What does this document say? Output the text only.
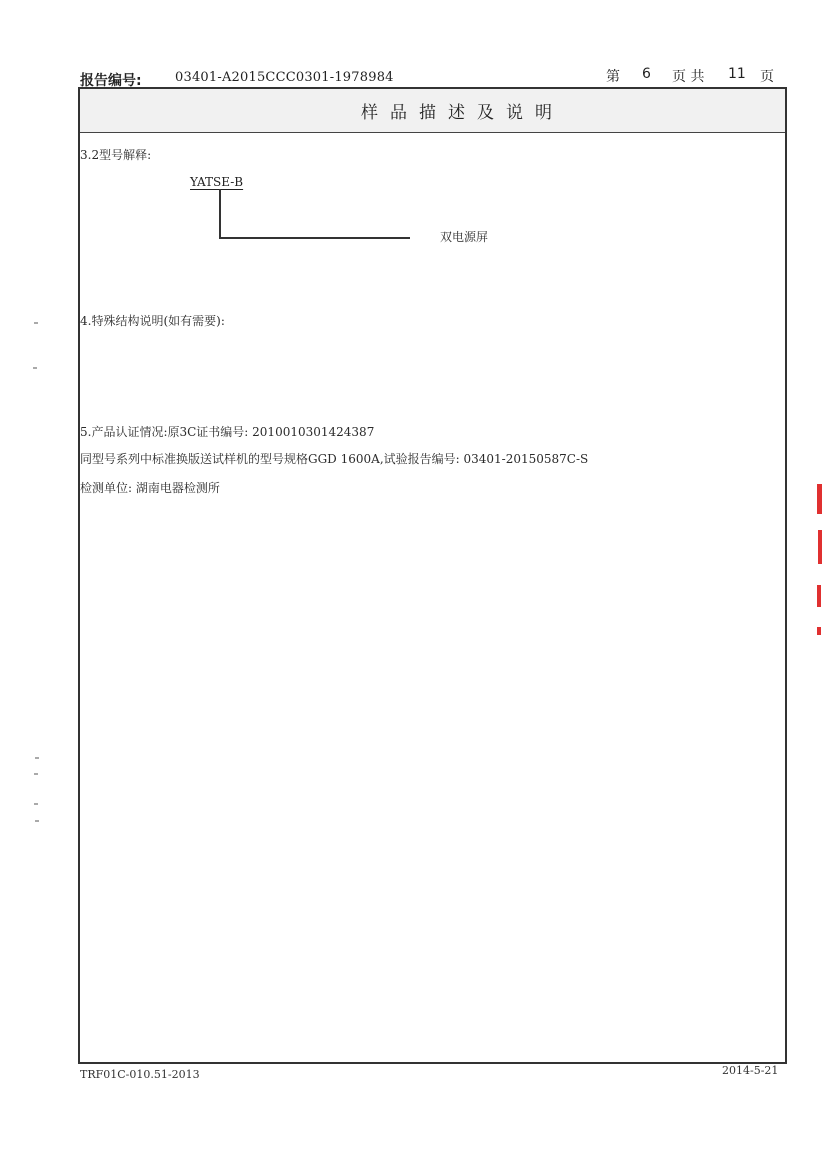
报告编号:	03401-A2015CCC0301-1978984	第 6 页 共 11 页
样品描述及说明
3.2型号解释:
YATSE-B
双电源屏
4.特殊结构说明(如有需要):
5.产品认证情况:原3C证书编号: 2010010301424387
同型号系列中标准换版送试样机的型号规格GGD 1600A,试验报告编号: 03401-20150587C-S
检测单位: 湖南电器检测所
TRF01C-010.51-2013	2014-5-21
